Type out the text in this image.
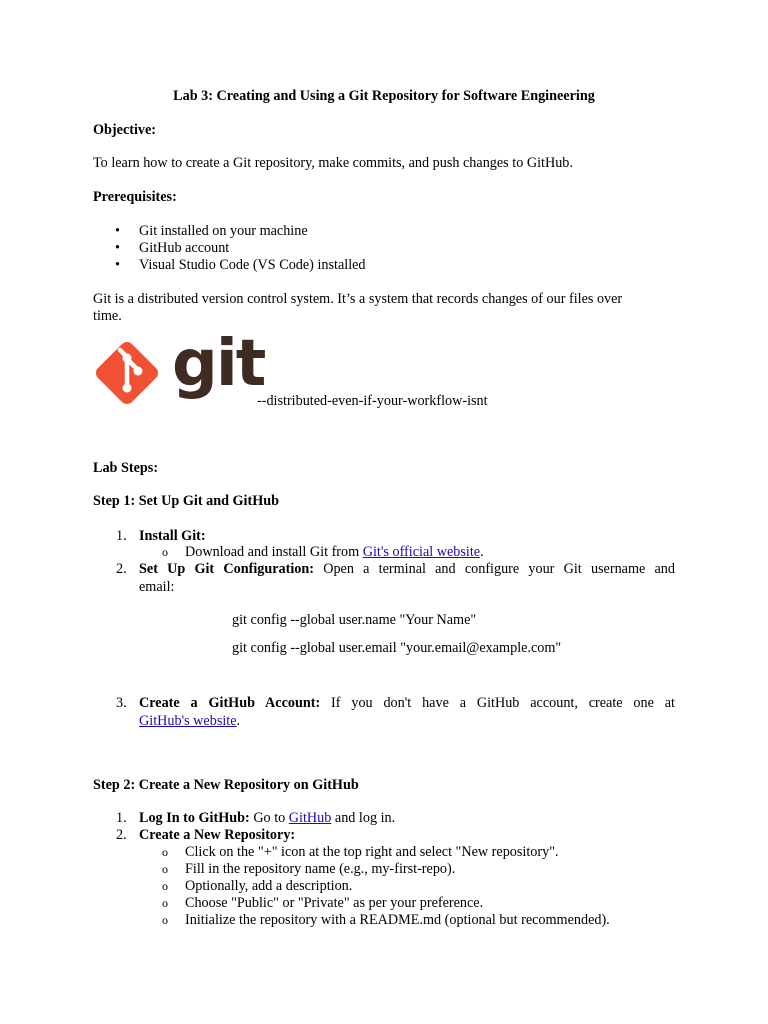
Lab 3: Creating and Using a Git Repository for Software Engineering
Objective:
To learn how to create a Git repository, make commits, and push changes to GitHub.
Prerequisites:
• Git installed on your machine
• GitHub account
• Visual Studio Code (VS Code) installed
Git is a distributed version control system. It’s a system that records changes of our files over
time.
git
--distributed-even-if-your-workflow-isnt
Lab Steps:
Step 1: Set Up Git and GitHub
1. Install Git:
o Download and install Git from Git's official website.
2. Set Up Git Configuration: Open a terminal and configure your Git username and
email:
git config --global user.name "Your Name"
git config --global user.email "your.email@example.com"
3. Create a GitHub Account: If you don't have a GitHub account, create one at
GitHub's website.
Step 2: Create a New Repository on GitHub
1. Log In to GitHub: Go to GitHub and log in.
2. Create a New Repository:
o Click on the "+" icon at the top right and select "New repository".
o Fill in the repository name (e.g., my-first-repo).
o Optionally, add a description.
o Choose "Public" or "Private" as per your preference.
o Initialize the repository with a README.md (optional but recommended).
